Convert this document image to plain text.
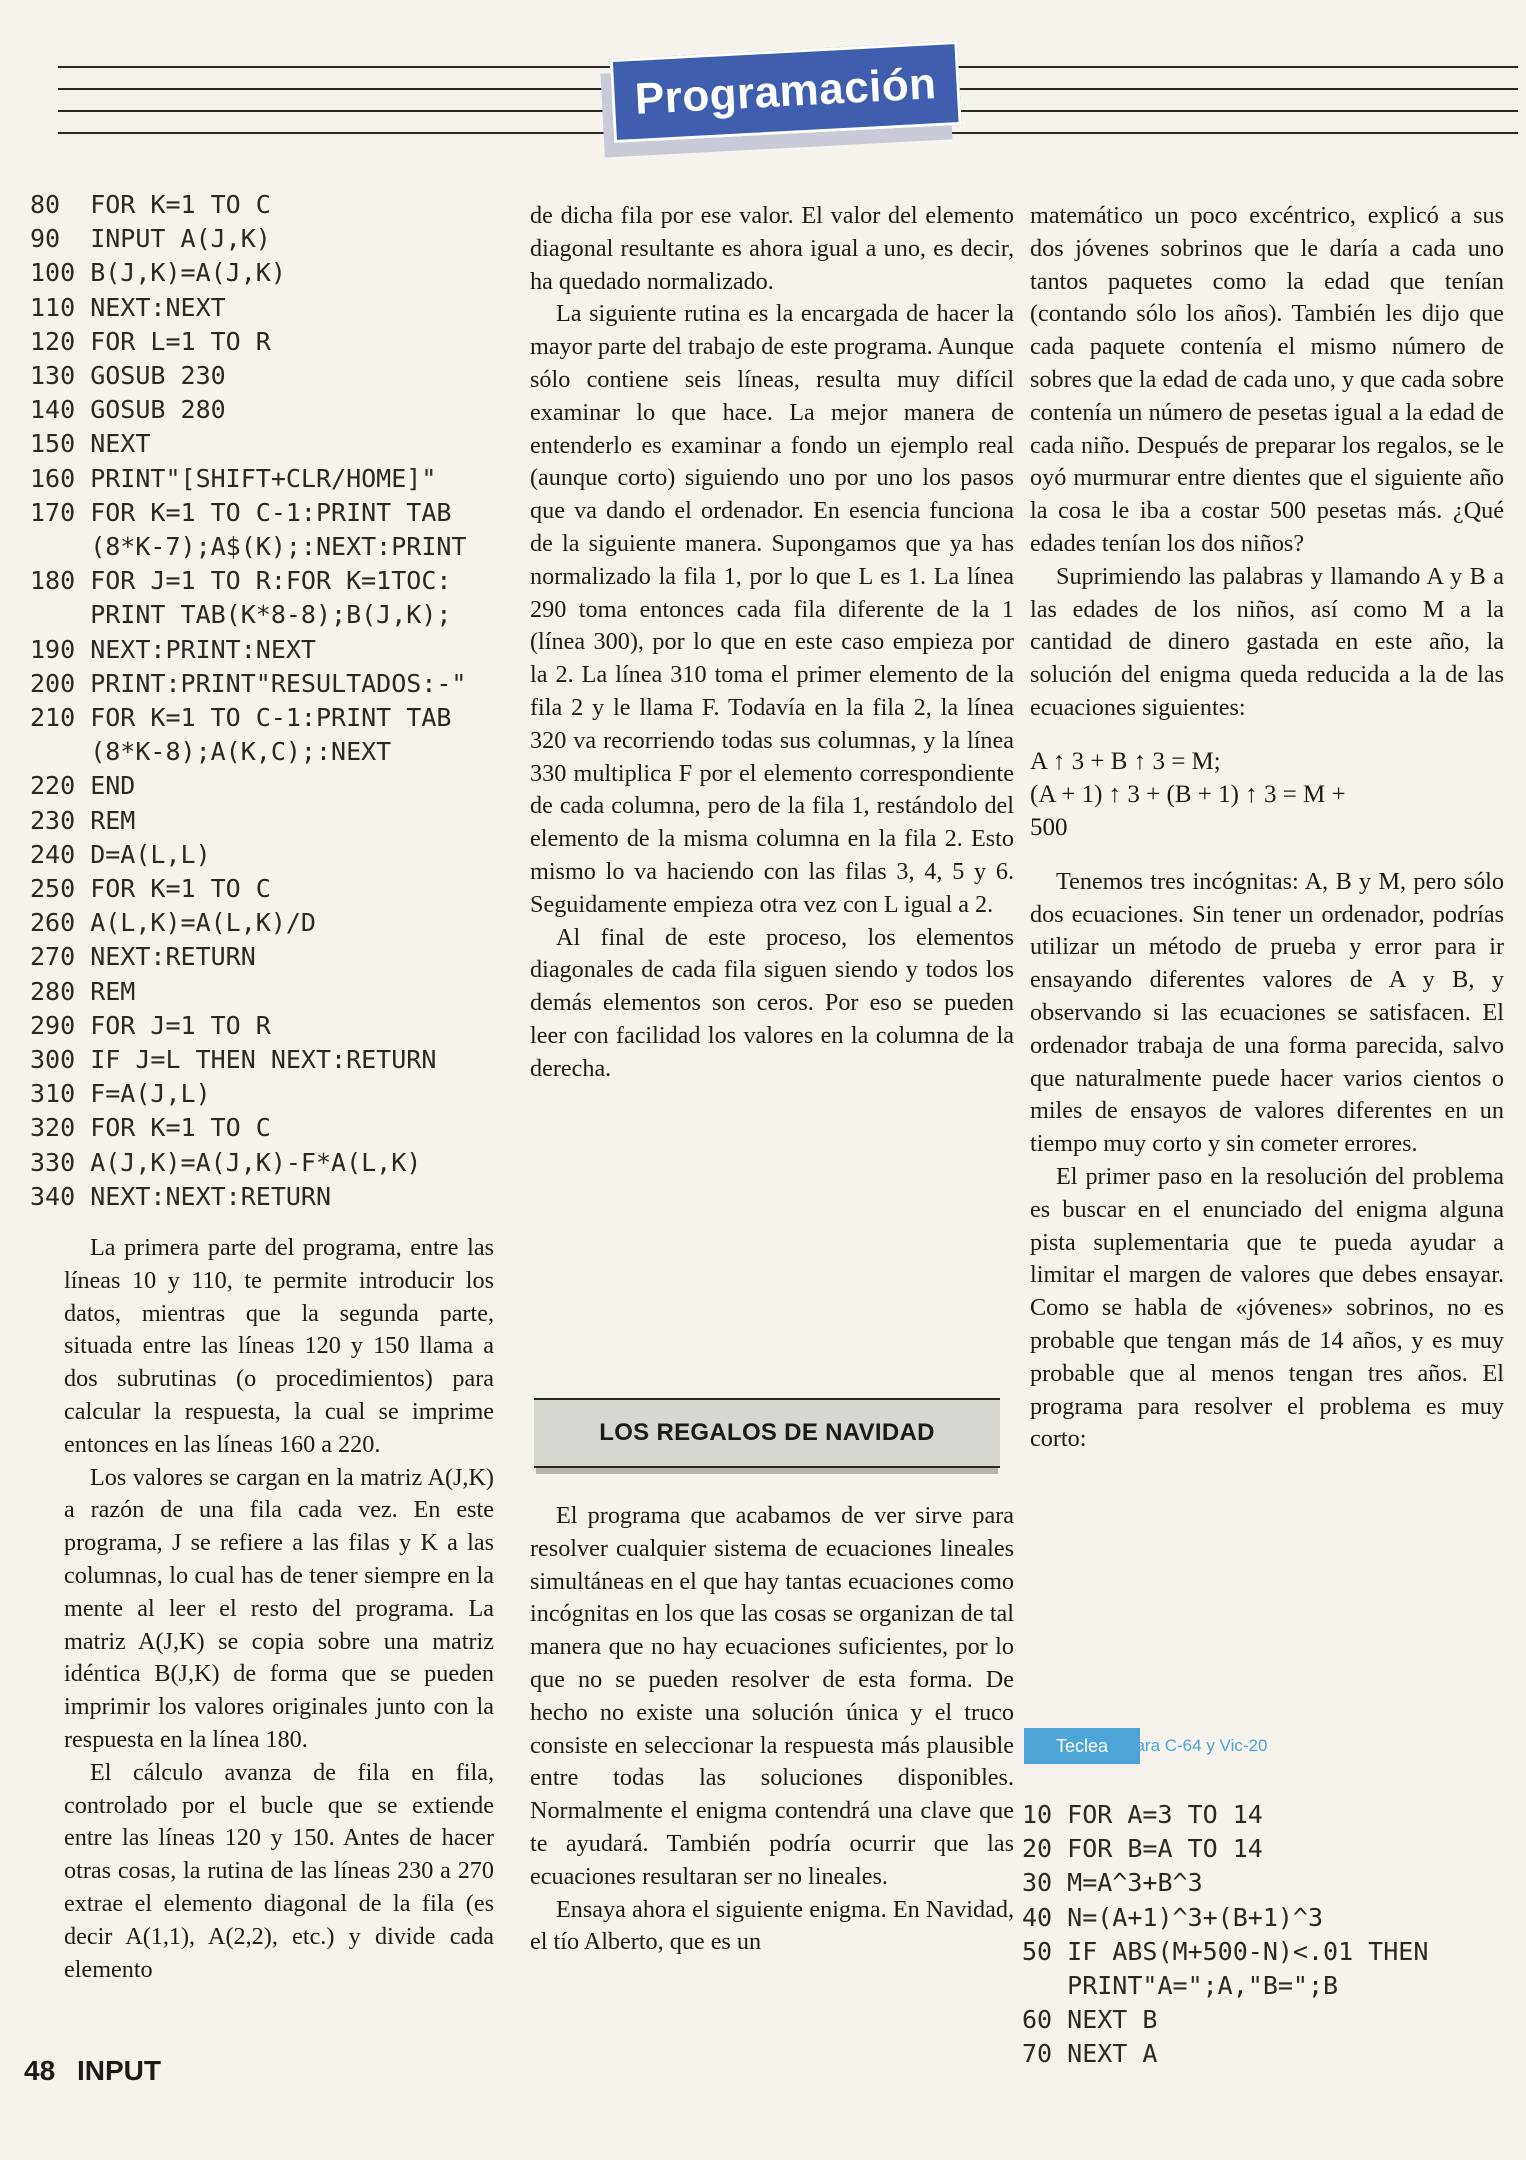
Programación
80  FOR K=1 TO C
90  INPUT A(J,K)
100 B(J,K)=A(J,K)
110 NEXT:NEXT
120 FOR L=1 TO R
130 GOSUB 230
140 GOSUB 280
150 NEXT
160 PRINT"[SHIFT+CLR/HOME]"
170 FOR K=1 TO C-1:PRINT TAB
(8*K-7);A$(K);:NEXT:PRINT
180 FOR J=1 TO R:FOR K=1TOC:
PRINT TAB(K*8-8);B(J,K);
190 NEXT:PRINT:NEXT
200 PRINT:PRINT"RESULTADOS:-"
210 FOR K=1 TO C-1:PRINT TAB
(8*K-8);A(K,C);:NEXT
220 END
230 REM
240 D=A(L,L)
250 FOR K=1 TO C
260 A(L,K)=A(L,K)/D
270 NEXT:RETURN
280 REM
290 FOR J=1 TO R
300 IF J=L THEN NEXT:RETURN
310 F=A(J,L)
320 FOR K=1 TO C
330 A(J,K)=A(J,K)-F*A(L,K)
340 NEXT:NEXT:RETURN

La primera parte del programa, entre las líneas 10 y 110, te permite introducir los datos, mientras que la segunda parte, situada entre las líneas 120 y 150 llama a dos subrutinas (o procedimientos) para calcular la respuesta, la cual se imprime entonces en las líneas 160 a 220.

Los valores se cargan en la matriz A(J,K) a razón de una fila cada vez. En este programa, J se refiere a las filas y K a las columnas, lo cual has de tener siempre en la mente al leer el resto del programa. La matriz A(J,K) se copia sobre una matriz idéntica B(J,K) de forma que se pueden imprimir los valores originales junto con la respuesta en la línea 180.

El cálculo avanza de fila en fila, controlado por el bucle que se extiende entre las líneas 120 y 150. Antes de hacer otras cosas, la rutina de las líneas 230 a 270 extrae el elemento diagonal de la fila (es decir A(1,1), A(2,2), etc.) y divide cada elemento

de dicha fila por ese valor. El valor del elemento diagonal resultante es ahora igual a uno, es decir, ha quedado normalizado.

La siguiente rutina es la encargada de hacer la mayor parte del trabajo de este programa. Aunque sólo contiene seis líneas, resulta muy difícil examinar lo que hace. La mejor manera de entenderlo es examinar a fondo un ejemplo real (aunque corto) siguiendo uno por uno los pasos que va dando el ordenador. En esencia funciona de la siguiente manera. Supongamos que ya has normalizado la fila 1, por lo que L es 1. La línea 290 toma entonces cada fila diferente de la 1 (línea 300), por lo que en este caso empieza por la 2. La línea 310 toma el primer elemento de la fila 2 y le llama F. Todavía en la fila 2, la línea 320 va recorriendo todas sus columnas, y la línea 330 multiplica F por el elemento correspondiente de cada columna, pero de la fila 1, restándolo del elemento de la misma columna en la fila 2. Esto mismo lo va haciendo con las filas 3, 4, 5 y 6. Seguidamente empieza otra vez con L igual a 2.

Al final de este proceso, los elementos diagonales de cada fila siguen siendo y todos los demás elementos son ceros. Por eso se pueden leer con facilidad los valores en la columna de la derecha.

LOS REGALOS DE NAVIDAD

El programa que acabamos de ver sirve para resolver cualquier sistema de ecuaciones lineales simultáneas en el que hay tantas ecuaciones como incógnitas en los que las cosas se organizan de tal manera que no hay ecuaciones suficientes, por lo que no se pueden resolver de esta forma. De hecho no existe una solución única y el truco consiste en seleccionar la respuesta más plausible entre todas las soluciones disponibles. Normalmente el enigma contendrá una clave que te ayudará. También podría ocurrir que las ecuaciones resultaran ser no lineales.

Ensaya ahora el siguiente enigma. En Navidad, el tío Alberto, que es un

matemático un poco excéntrico, explicó a sus dos jóvenes sobrinos que le daría a cada uno tantos paquetes como la edad que tenían (contando sólo los años). También les dijo que cada paquete contenía el mismo número de sobres que la edad de cada uno, y que cada sobre contenía un número de pesetas igual a la edad de cada niño. Después de preparar los regalos, se le oyó murmurar entre dientes que el siguiente año la cosa le iba a costar 500 pesetas más. ¿Qué edades tenían los dos niños?

Suprimiendo las palabras y llamando A y B a las edades de los niños, así como M a la cantidad de dinero gastada en este año, la solución del enigma queda reducida a la de las ecuaciones siguientes:

A ↑ 3 + B ↑ 3 = M;
(A + 1) ↑ 3 + (B + 1) ↑ 3 = M +
500

Tenemos tres incógnitas: A, B y M, pero sólo dos ecuaciones. Sin tener un ordenador, podrías utilizar un método de prueba y error para ir ensayando diferentes valores de A y B, y observando si las ecuaciones se satisfacen. El ordenador trabaja de una forma parecida, salvo que naturalmente puede hacer varios cientos o miles de ensayos de valores diferentes en un tiempo muy corto y sin cometer errores.

El primer paso en la resolución del problema es buscar en el enunciado del enigma alguna pista suplementaria que te pueda ayudar a limitar el margen de valores que debes ensayar. Como se habla de «jóvenes» sobrinos, no es probable que tengan más de 14 años, y es muy probable que al menos tengan tres años. El programa para resolver el problema es muy corto:

Teclea	para C-64 y Vic-20
10 FOR A=3 TO 14
20 FOR B=A TO 14
30 M=A^3+B^3
40 N=(A+1)^3+(B+1)^3
50 IF ABS(M+500-N)<.01 THEN
PRINT"A=";A,"B=";B
60 NEXT B
70 NEXT A
48 INPUT
